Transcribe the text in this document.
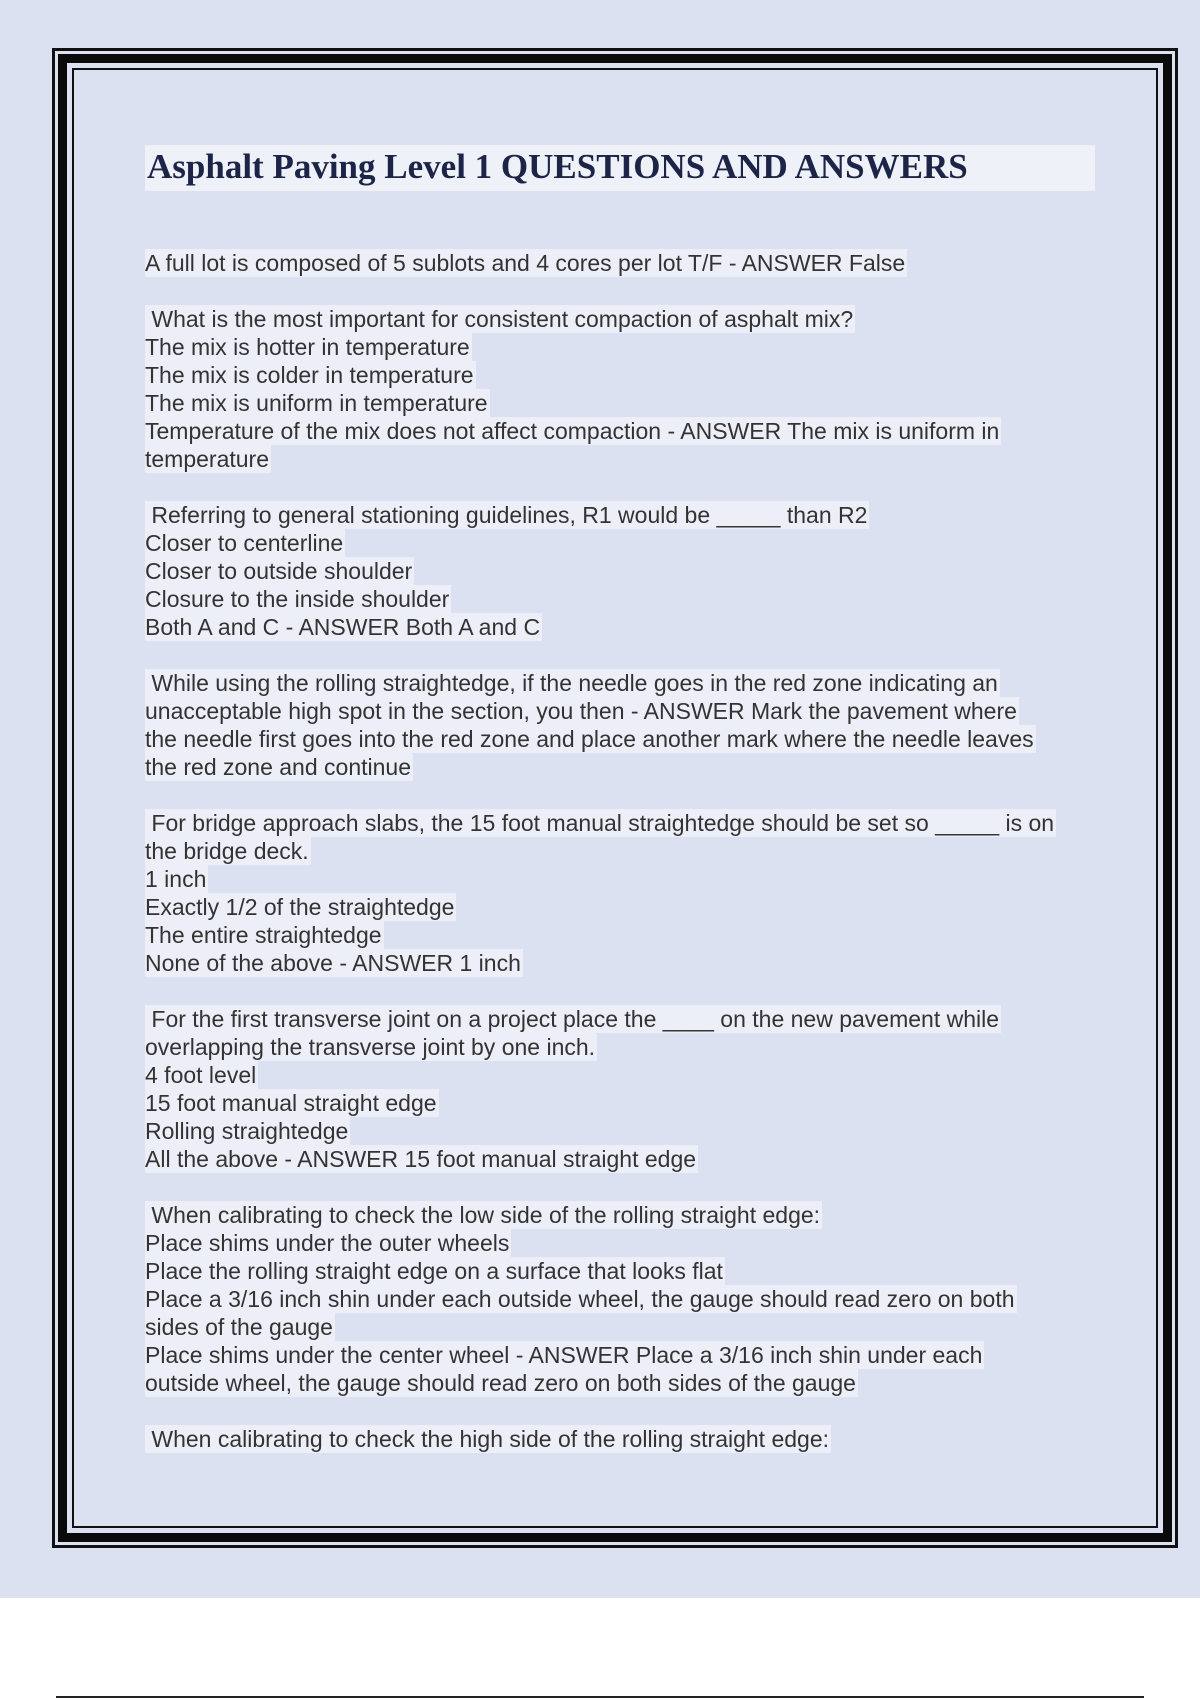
Asphalt Paving Level 1 QUESTIONS AND ANSWERS
A full lot is composed of 5 sublots and 4 cores per lot T/F - ANSWER False
What is the most important for consistent compaction of asphalt mix?
The mix is hotter in temperature
The mix is colder in temperature
The mix is uniform in temperature
Temperature of the mix does not affect compaction - ANSWER The mix is uniform in
temperature
Referring to general stationing guidelines, R1 would be _____ than R2
Closer to centerline
Closer to outside shoulder
Closure to the inside shoulder
Both A and C - ANSWER Both A and C
While using the rolling straightedge, if the needle goes in the red zone indicating an
unacceptable high spot in the section, you then - ANSWER Mark the pavement where
the needle first goes into the red zone and place another mark where the needle leaves
the red zone and continue
For bridge approach slabs, the 15 foot manual straightedge should be set so _____ is on
the bridge deck.
1 inch
Exactly 1/2 of the straightedge
The entire straightedge
None of the above - ANSWER 1 inch
For the first transverse joint on a project place the ____ on the new pavement while
overlapping the transverse joint by one inch.
4 foot level
15 foot manual straight edge
Rolling straightedge
All the above - ANSWER 15 foot manual straight edge
When calibrating to check the low side of the rolling straight edge:
Place shims under the outer wheels
Place the rolling straight edge on a surface that looks flat
Place a 3/16 inch shin under each outside wheel, the gauge should read zero on both
sides of the gauge
Place shims under the center wheel - ANSWER Place a 3/16 inch shin under each
outside wheel, the gauge should read zero on both sides of the gauge
When calibrating to check the high side of the rolling straight edge:
